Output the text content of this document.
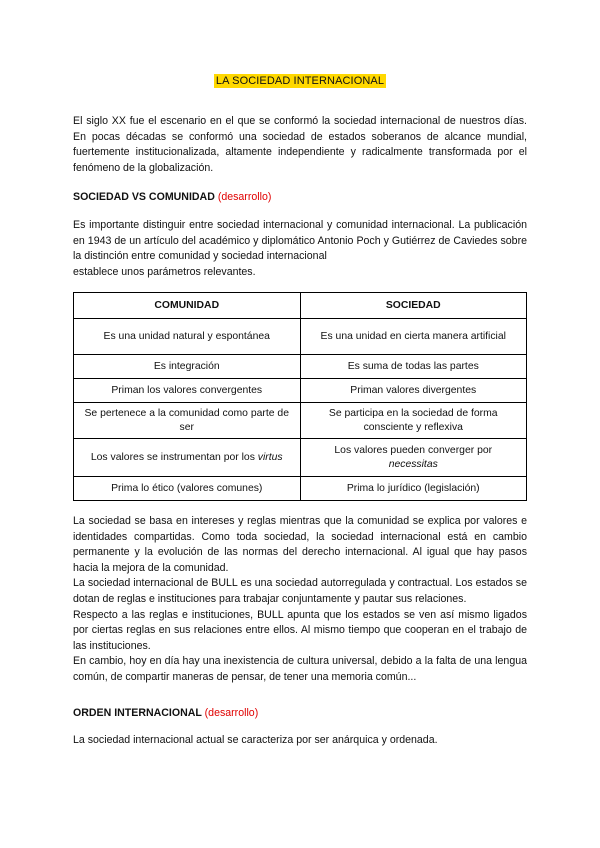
LA SOCIEDAD INTERNACIONAL

El siglo XX fue el escenario en el que se conformó la sociedad internacional de nuestros días. En pocas décadas se conformó una sociedad de estados soberanos de alcance mundial, fuertemente institucionalizada, altamente independiente y radicalmente transformada por el fenómeno de la globalización.

SOCIEDAD VS COMUNIDAD (desarrollo)

Es importante distinguir entre sociedad internacional y comunidad internacional. La publicación en 1943 de un artículo del académico y diplomático Antonio Poch y Gutiérrez de Caviedes sobre la distinción entre comunidad y sociedad internacional

establece unos parámetros relevantes.

COMUNIDAD	SOCIEDAD
Es una unidad natural y espontánea	Es una unidad en cierta manera artificial
Es integración	Es suma de todas las partes
Priman los valores convergentes	Priman valores divergentes
Se pertenece a la comunidad como parte de ser	Se participa en la sociedad de forma consciente y reflexiva
Los valores se instrumentan por los virtus	Los valores pueden converger por necessitas
Prima lo ético (valores comunes)	Prima lo jurídico (legislación)

La sociedad se basa en intereses y reglas mientras que la comunidad se explica por valores e identidades compartidas. Como toda sociedad, la sociedad internacional está en cambio permanente y la evolución de las normas del derecho internacional. Al igual que hay pasos hacia la mejora de la comunidad.

La sociedad internacional de BULL es una sociedad autorregulada y contractual. Los estados se dotan de reglas e instituciones para trabajar conjuntamente y pautar sus relaciones.

Respecto a las reglas e instituciones, BULL apunta que los estados se ven así mismo ligados por ciertas reglas en sus relaciones entre ellos. Al mismo tiempo que cooperan en el trabajo de las instituciones.

En cambio, hoy en día hay una inexistencia de cultura universal, debido a la falta de una lengua común, de compartir maneras de pensar, de tener una memoria común...

ORDEN INTERNACIONAL (desarrollo)

La sociedad internacional actual se caracteriza por ser anárquica y ordenada.
